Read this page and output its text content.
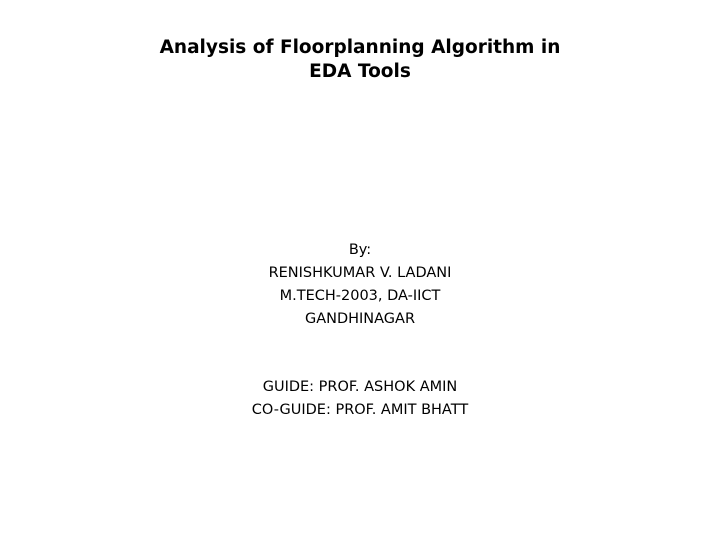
Analysis of Floorplanning Algorithm in
EDA Tools
By:
RENISHKUMAR V. LADANI
M.TECH-2003, DA-IICT
GANDHINAGAR
GUIDE: PROF. ASHOK AMIN
CO-GUIDE: PROF. AMIT BHATT
